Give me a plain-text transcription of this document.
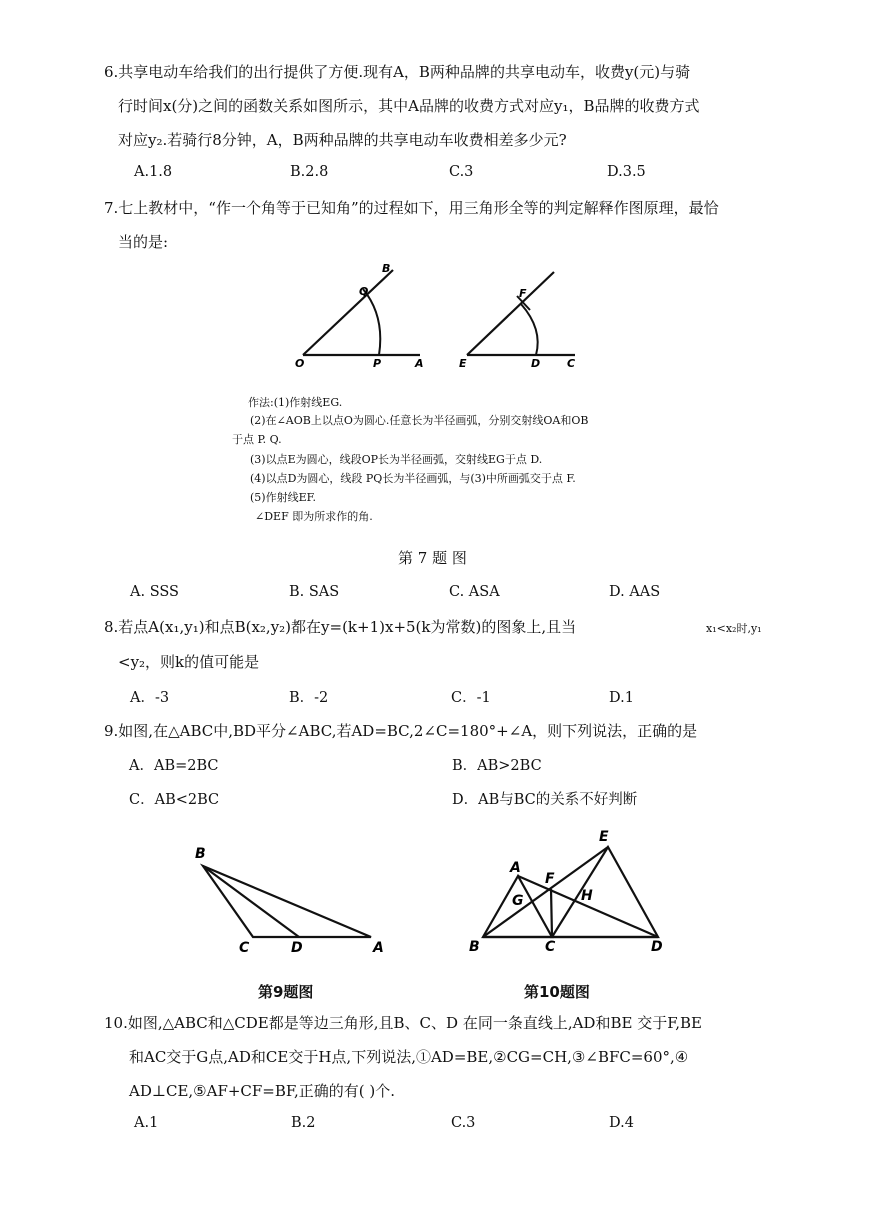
6.共享电动车给我们的出行提供了方便.现有A，B两种品牌的共享电动车，收费y(元)与骑
行时间x(分)之间的函数关系如图所示，其中A品牌的收费方式对应y₁，B品牌的收费方式
对应y₂.若骑行8分钟，A，B两种品牌的共享电动车收费相差多少元?
A.1.8	B.2.8	C.3	D.3.5
7.七上教材中，“作一个角等于已知角”的过程如下，用三角形全等的判定解释作图原理，最恰
当的是:
O	P	A
Q
B
E	D C
F
作法:(1)作射线EG.
(2)在∠AOB上以点O为圆心.任意长为半径画弧，分别交射线OA和OB
于点 P. Q.
(3)以点E为圆心，线段OP长为半径画弧，交射线EG于点 D.
(4)以点D为圆心，线段 PQ长为半径画弧，与(3)中所画弧交于点 F.
(5)作射线EF.
∠DEF 即为所求作的角.
第 7 题 图
A. SSS	B. SAS	C. ASA	D. AAS
8.若点A(x₁,y₁)和点B(x₂,y₂)都在y=(k+1)x+5(k为常数)的图象上,且当	x₁<x₂时,y₁
<y₂，则k的值可能是
A．-3	B．-2	C．-1	D.1
9.如图,在△ABC中,BD平分∠ABC,若AD=BC,2∠C=180°+∠A，则下列说法，正确的是
A．AB=2BC	B．AB>2BC
C．AB<2BC	D．AB与BC的关系不好判断
B
C	D	A
A
B	C	D
E
F
G	H
第9题图	第10题图
10.如图,△ABC和△CDE都是等边三角形,且B、C、D 在同一条直线上,AD和BE 交于F,BE
和AC交于G点,AD和CE交于H点,下列说法,①AD=BE,②CG=CH,③∠BFC=60°,④
AD⊥CE,⑤AF+CF=BF,正确的有( )个.
A.1	B.2	C.3	D.4
